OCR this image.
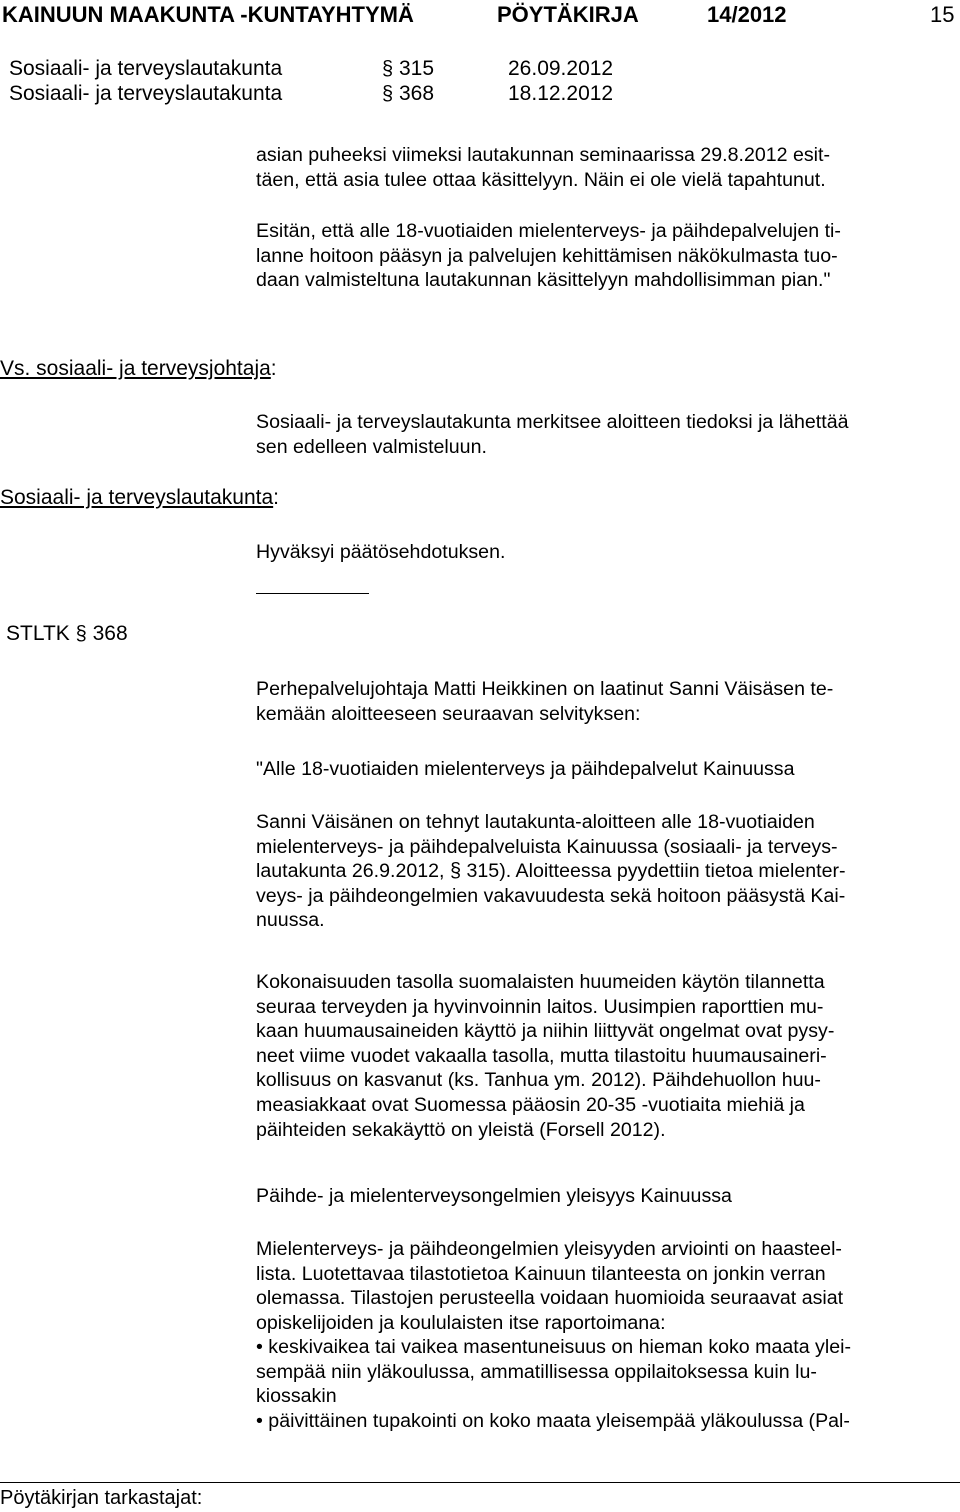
KAINUUN MAAKUNTA -KUNTAYHTYMÄ	PÖYTÄKIRJA	14/2012	15
Sosiaali- ja terveyslautakunta	§ 315	26.09.2012
Sosiaali- ja terveyslautakunta	§ 368	18.12.2012
asian puheeksi viimeksi lautakunnan seminaarissa 29.8.2012 esit-
täen, että asia tulee ottaa käsittelyyn. Näin ei ole vielä tapahtunut.
Esitän, että alle 18-vuotiaiden mielenterveys- ja päihdepalvelujen ti-
lanne hoitoon pääsyn ja palvelujen kehittämisen näkökulmasta tuo-
daan valmisteltuna lautakunnan käsittelyyn mahdollisimman pian."
Vs. sosiaali- ja terveysjohtaja:
Sosiaali- ja terveyslautakunta merkitsee aloitteen tiedoksi ja lähettää
sen edelleen valmisteluun.
Sosiaali- ja terveyslautakunta:
Hyväksyi päätösehdotuksen.
STLTK § 368
Perhepalvelujohtaja Matti Heikkinen on laatinut Sanni Väisäsen te-
kemään aloitteeseen seuraavan selvityksen:
"Alle 18-vuotiaiden mielenterveys ja päihdepalvelut Kainuussa
Sanni Väisänen on tehnyt lautakunta-aloitteen alle 18-vuotiaiden
mielenterveys- ja päihdepalveluista Kainuussa (sosiaali- ja terveys-
lautakunta 26.9.2012, § 315). Aloitteessa pyydettiin tietoa mielenter-
veys- ja päihdeongelmien vakavuudesta sekä hoitoon pääsystä Kai-
nuussa.
Kokonaisuuden tasolla suomalaisten huumeiden käytön tilannetta
seuraa terveyden ja hyvinvoinnin laitos. Uusimpien raporttien mu-
kaan huumausaineiden käyttö ja niihin liittyvät ongelmat ovat pysy-
neet viime vuodet vakaalla tasolla, mutta tilastoitu huumausaineri-
kollisuus on kasvanut (ks. Tanhua ym. 2012). Päihdehuollon huu-
measiakkaat ovat Suomessa pääosin 20-35 -vuotiaita miehiä ja
päihteiden sekakäyttö on yleistä (Forsell 2012).
Päihde- ja mielenterveysongelmien yleisyys Kainuussa
Mielenterveys- ja päihdeongelmien yleisyyden arviointi on haasteel-
lista. Luotettavaa tilastotietoa Kainuun tilanteesta on jonkin verran
olemassa. Tilastojen perusteella voidaan huomioida seuraavat asiat
opiskelijoiden ja koululaisten itse raportoimana:
• keskivaikea tai vaikea masentuneisuus on hieman koko maata ylei-
sempää niin yläkoulussa, ammatillisessa oppilaitoksessa kuin lu-
kiossakin
• päivittäinen tupakointi on koko maata yleisempää yläkoulussa (Pal-
Pöytäkirjan tarkastajat:
